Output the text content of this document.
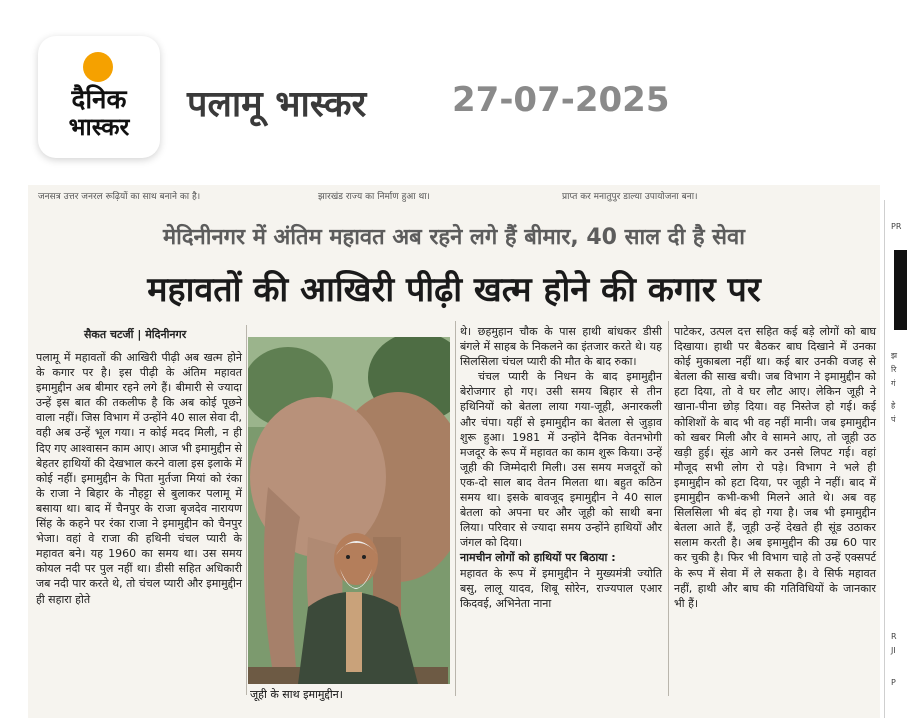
दैनिक
भास्कर
पलामू भास्कर	27-07-2025
जनसत्र उत्तर जनरल रूढ़ियों का साथ बनाने का है।	झारखंड राज्य का निर्माण हुआ था।	प्राप्त कर मनातुपुर डाल्या उपायोजना बना।
मेदिनीनगर में अंतिम महावत अब रहने लगे हैं बीमार, 40 साल दी है सेवा
महावतों की आखिरी पीढ़ी खत्म होने की कगार पर
सैकत चटर्जी | मेदिनीनगर

पलामू में महावतों की आखिरी पीढ़ी अब खत्म होने के कगार पर है। इस पीढ़ी के अंतिम महावत इमामुद्दीन अब बीमार रहने लगे हैं। बीमारी से ज्यादा उन्हें इस बात की तकलीफ है कि अब कोई पूछने वाला नहीं। जिस विभाग में उन्होंने 40 साल सेवा दी, वही अब उन्हें भूल गया। न कोई मदद मिली, न ही दिए गए आश्वासन काम आए। आज भी इमामुद्दीन से बेहतर हाथियों की देखभाल करने वाला इस इलाके में कोई नहीं। इमामुद्दीन के पिता मुर्तजा मियां को रंका के राजा ने बिहार के नौहट्टा से बुलाकर पलामू में बसाया था। बाद में चैनपुर के राजा बृजदेव नारायण सिंह के कहने पर रंका राजा ने इमामुद्दीन को चैनपुर भेजा। वहां वे राजा की हथिनी चंचल प्यारी के महावत बने। यह 1960 का समय था। उस समय कोयल नदी पर पुल नहीं था। डीसी सहित अधिकारी जब नदी पार करते थे, तो चंचल प्यारी और इमामुद्दीन ही सहारा होते

जूही के साथ इमामुद्दीन।

थे। छहमुहान चौक के पास हाथी बांधकर डीसी बंगले में साहब के निकलने का इंतजार करते थे। यह सिलसिला चंचल प्यारी की मौत के बाद रुका।

चंचल प्यारी के निधन के बाद इमामुद्दीन बेरोजगार हो गए। उसी समय बिहार से तीन हथिनियों को बेतला लाया गया-जूही, अनारकली और चंपा। यहीं से इमामुद्दीन का बेतला से जुड़ाव शुरू हुआ। 1981 में उन्होंने दैनिक वेतनभोगी मजदूर के रूप में महावत का काम शुरू किया। उन्हें जूही की जिम्मेदारी मिली। उस समय मजदूरों को एक-दो साल बाद वेतन मिलता था। बहुत कठिन समय था। इसके बावजूद इमामुद्दीन ने 40 साल बेतला को अपना घर और जूही को साथी बना लिया। परिवार से ज्यादा समय उन्होंने हाथियों और जंगल को दिया।

नामचीन लोगों को हाथियों पर बिठाया :

महावत के रूप में इमामुद्दीन ने मुख्यमंत्री ज्योति बसु, लालू यादव, शिबू सोरेन, राज्यपाल एआर किदवई, अभिनेता नाना

पाटेकर, उत्पल दत्त सहित कई बड़े लोगों को बाघ दिखाया। हाथी पर बैठकर बाघ दिखाने में उनका कोई मुकाबला नहीं था। कई बार उनकी वजह से बेतला की साख बची। जब विभाग ने इमामुद्दीन को हटा दिया, तो वे घर लौट आए। लेकिन जूही ने खाना-पीना छोड़ दिया। वह निस्तेज हो गई। कई कोशिशों के बाद भी वह नहीं मानी। जब इमामुद्दीन को खबर मिली और वे सामने आए, तो जूही उठ खड़ी हुई। सूंड आगे कर उनसे लिपट गई। वहां मौजूद सभी लोग रो पड़े। विभाग ने भले ही इमामुद्दीन को हटा दिया, पर जूही ने नहीं। बाद में इमामुद्दीन कभी-कभी मिलने आते थे। अब वह सिलसिला भी बंद हो गया है। जब भी इमामुद्दीन बेतला आते हैं, जूही उन्हें देखते ही सूंड उठाकर सलाम करती है। अब इमामुद्दीन की उम्र 60 पार कर चुकी है। फिर भी विभाग चाहे तो उन्हें एक्सपर्ट के रूप में सेवा में ले सकता है। वे सिर्फ महावत नहीं, हाथी और बाघ की गतिविधियों के जानकार भी हैं।

PR
झ
रि
गं
हे
पं
R
JI
P
